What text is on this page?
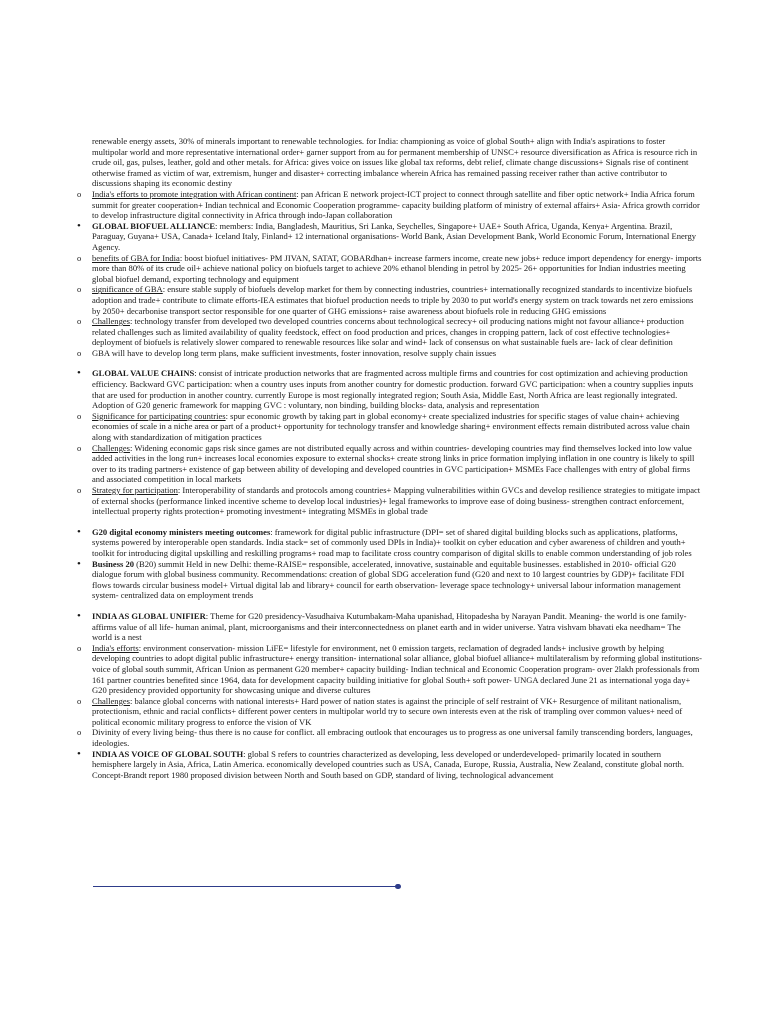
renewable energy assets, 30% of minerals important to renewable technologies. for India: championing as voice of global South+ align with India's aspirations to foster multipolar world and more representative international order+ garner support from au for permanent membership of UNSC+ resource diversification as Africa is resource rich in crude oil, gas, pulses, leather, gold and other metals. for Africa: gives voice on issues like global tax reforms, debt relief, climate change discussions+ Signals rise of continent otherwise framed as victim of war, extremism, hunger and disaster+ correcting imbalance wherein Africa has remained passing receiver rather than active contributor to discussions shaping its economic destiny
o India's efforts to promote integration with African continent: pan African E network project-ICT project to connect through satellite and fiber optic network+ India Africa forum summit for greater cooperation+ Indian technical and Economic Cooperation programme- capacity building platform of ministry of external affairs+ Asia- Africa growth corridor to develop infrastructure digital connectivity in Africa through indo-Japan collaboration
• GLOBAL BIOFUEL ALLIANCE: members: India, Bangladesh, Mauritius, Sri Lanka, Seychelles, Singapore+ UAE+ South Africa, Uganda, Kenya+ Argentina. Brazil, Paraguay, Guyana+ USA, Canada+ Iceland Italy, Finland+ 12 international organisations- World Bank, Asian Development Bank, World Economic Forum, International Energy Agency.
o benefits of GBA for India: boost biofuel initiatives- PM JIVAN, SATAT, GOBARdhan+ increase farmers income, create new jobs+ reduce import dependency for energy- imports more than 80% of its crude oil+ achieve national policy on biofuels target to achieve 20% ethanol blending in petrol by 2025- 26+ opportunities for Indian industries meeting global biofuel demand, exporting technology and equipment
o significance of GBA: ensure stable supply of biofuels develop market for them by connecting industries, countries+ internationally recognized standards to incentivize biofuels adoption and trade+ contribute to climate efforts-IEA estimates that biofuel production needs to triple by 2030 to put world's energy system on track towards net zero emissions by 2050+ decarbonise transport sector responsible for one quarter of GHG emissions+ raise awareness about biofuels role in reducing GHG emissions
o Challenges: technology transfer from developed two developed countries concerns about technological secrecy+ oil producing nations might not favour alliance+ production related challenges such as limited availability of quality feedstock, effect on food production and prices, changes in cropping pattern, lack of cost effective technologies+ deployment of biofuels is relatively slower compared to renewable resources like solar and wind+ lack of consensus on what sustainable fuels are- lack of clear definition
o GBA will have to develop long term plans, make sufficient investments, foster innovation, resolve supply chain issues
• GLOBAL VALUE CHAINS: consist of intricate production networks that are fragmented across multiple firms and countries for cost optimization and achieving production efficiency. Backward GVC participation: when a country uses inputs from another country for domestic production. forward GVC participation: when a country supplies inputs that are used for production in another country. currently Europe is most regionally integrated region; South Asia, Middle East, North Africa are least regionally integrated. Adoption of G20 generic framework for mapping GVC : voluntary, non binding, building blocks- data, analysis and representation
o Significance for participating countries: spur economic growth by taking part in global economy+ create specialized industries for specific stages of value chain+ achieving economies of scale in a niche area or part of a product+ opportunity for technology transfer and knowledge sharing+ environment effects remain distributed across value chain along with standardization of mitigation practices
o Challenges: Widening economic gaps risk since games are not distributed equally across and within countries- developing countries may find themselves locked into low value added activities in the long run+ increases local economies exposure to external shocks+ create strong links in price formation implying inflation in one country is likely to spill over to its trading partners+ existence of gap between ability of developing and developed countries in GVC participation+ MSMEs Face challenges with entry of global firms and associated competition in local markets
o Strategy for participation: Interoperability of standards and protocols among countries+ Mapping vulnerabilities within GVCs and develop resilience strategies to mitigate impact of external shocks (performance linked incentive scheme to develop local industries)+ legal frameworks to improve ease of doing business- strengthen contract enforcement, intellectual property rights protection+ promoting investment+ integrating MSMEs in global trade
• G20 digital economy ministers meeting outcomes: framework for digital public infrastructure (DPI= set of shared digital building blocks such as applications, platforms, systems powered by interoperable open standards. India stack= set of commonly used DPIs in India)+ toolkit on cyber education and cyber awareness of children and youth+ toolkit for introducing digital upskilling and reskilling programs+ road map to facilitate cross country comparison of digital skills to enable common understanding of job roles
• Business 20 (B20) summit Held in new Delhi: theme-RAISE= responsible, accelerated, innovative, sustainable and equitable businesses. established in 2010- official G20 dialogue forum with global business community. Recommendations: creation of global SDG acceleration fund (G20 and next to 10 largest countries by GDP)+ facilitate FDI flows towards circular business model+ Virtual digital lab and library+ council for earth observation- leverage space technology+ universal labour information management system- centralized data on employment trends
• INDIA AS GLOBAL UNIFIER: Theme for G20 presidency-Vasudhaiva Kutumbakam-Maha upanishad, Hitopadesha by Narayan Pandit. Meaning- the world is one family- affirms value of all life- human animal, plant, microorganisms and their interconnectedness on planet earth and in wider universe. Yatra vishvam bhavati eka needham= The world is a nest
o India's efforts: environment conservation- mission LiFE= lifestyle for environment, net 0 emission targets, reclamation of degraded lands+ inclusive growth by helping developing countries to adopt digital public infrastructure+ energy transition- international solar alliance, global biofuel alliance+ multilateralism by reforming global institutions- voice of global south summit, African Union as permanent G20 member+ capacity building- Indian technical and Economic Cooperation program- over 2lakh professionals from 161 partner countries benefited since 1964, data for development capacity building initiative for global South+ soft power- UNGA declared June 21 as international yoga day+ G20 presidency provided opportunity for showcasing unique and diverse cultures
o Challenges: balance global concerns with national interests+ Hard power of nation states is against the principle of self restraint of VK+ Resurgence of militant nationalism, protectionism, ethnic and racial conflicts+ different power centers in multipolar world try to secure own interests even at the risk of trampling over common values+ need of political economic military progress to enforce the vision of VK
o Divinity of every living being- thus there is no cause for conflict. all embracing outlook that encourages us to progress as one universal family transcending borders, languages, ideologies.
• INDIA AS VOICE OF GLOBAL SOUTH: global S refers to countries characterized as developing, less developed or underdeveloped- primarily located in southern hemisphere largely in Asia, Africa, Latin America. economically developed countries such as USA, Canada, Europe, Russia, Australia, New Zealand, constitute global north. Concept-Brandt report 1980 proposed division between North and South based on GDP, standard of living, technological advancement
